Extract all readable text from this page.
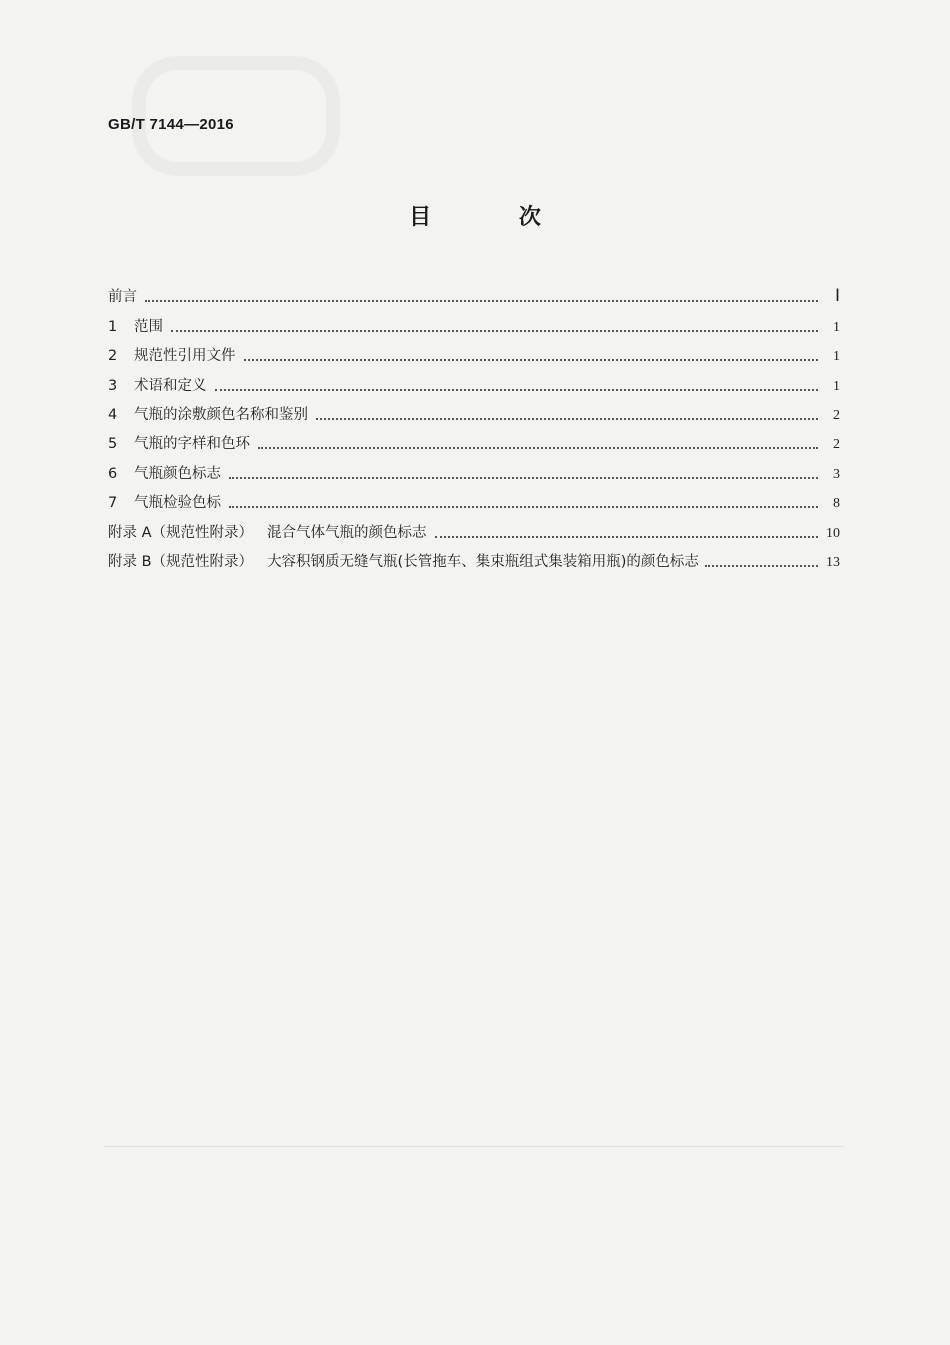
GB/T 7144—2016
目 次
前言	Ⅰ
1 范围	1
2 规范性引用文件	1
3 术语和定义	1
4 气瓶的涂敷颜色名称和鉴别	2
5 气瓶的字样和色环	2
6 气瓶颜色标志	3
7 气瓶检验色标	8
附录 A（规范性附录） 混合气体气瓶的颜色标志	10
附录 B（规范性附录） 大容积钢质无缝气瓶(长管拖车、集束瓶组式集装箱用瓶)的颜色标志	13
